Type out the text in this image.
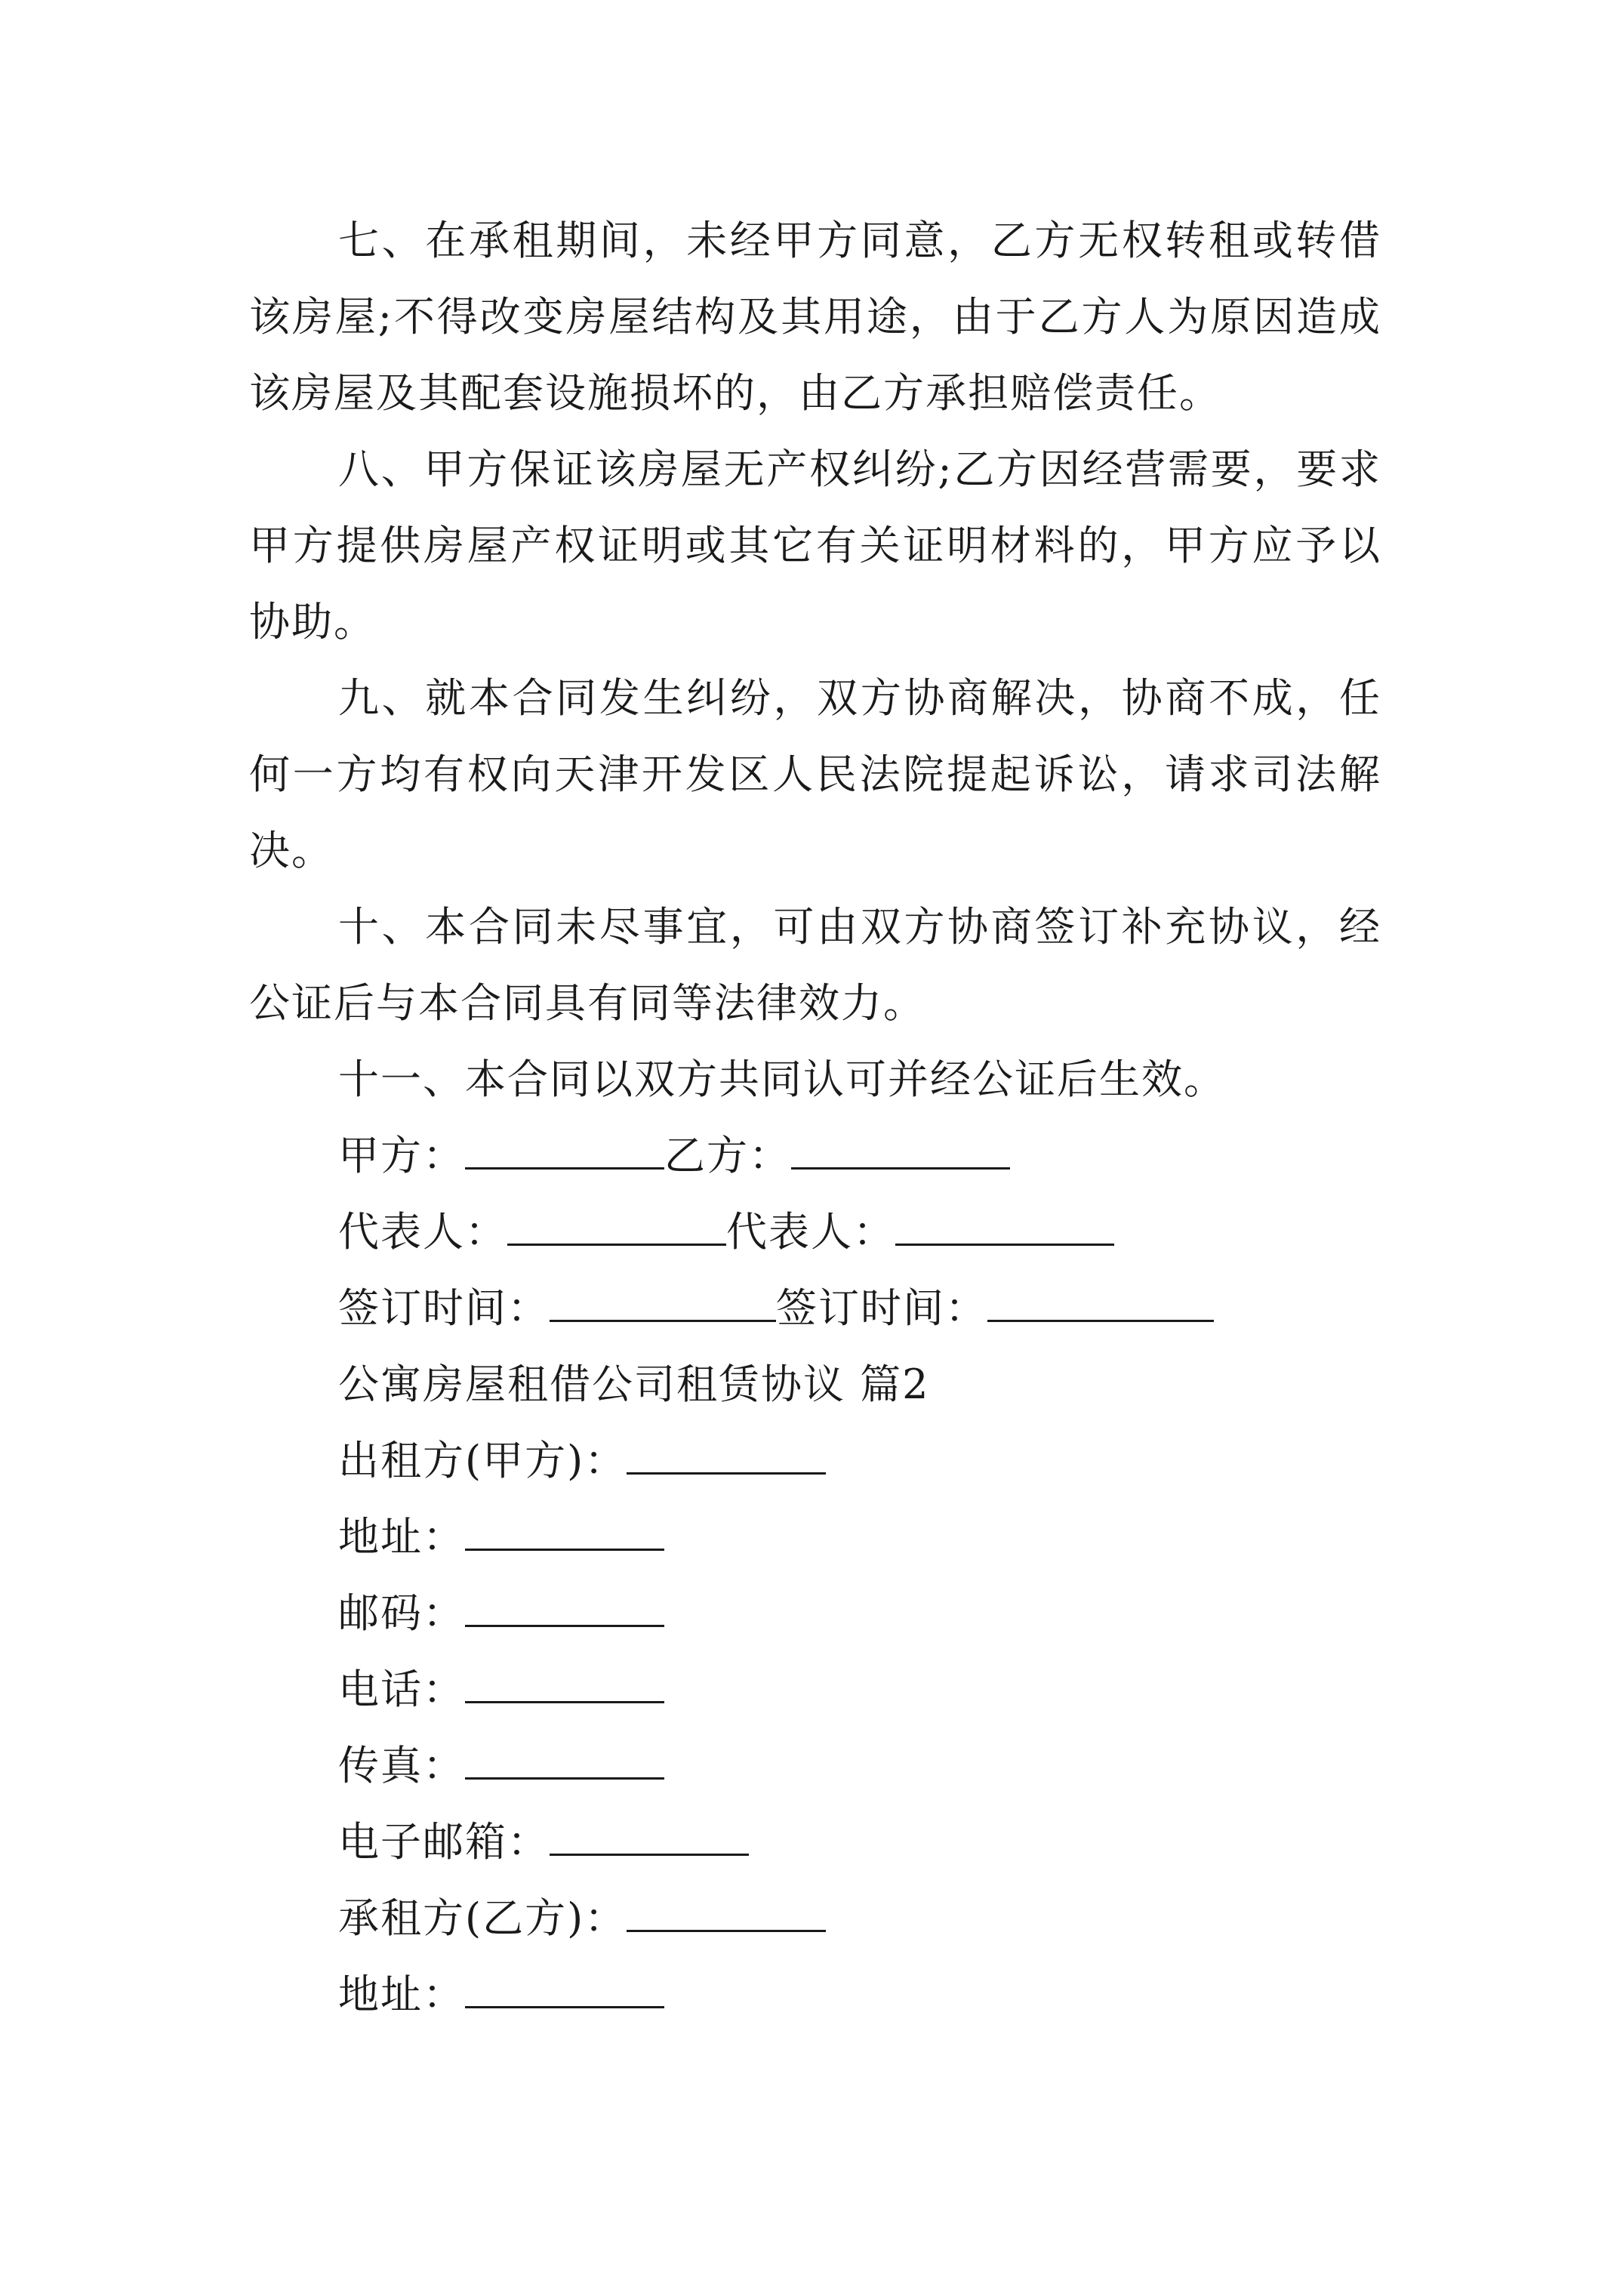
七、在承租期间，未经甲方同意，乙方无权转租或转借该房屋;不得改变房屋结构及其用途，由于乙方人为原因造成该房屋及其配套设施损坏的，由乙方承担赔偿责任。

八、甲方保证该房屋无产权纠纷;乙方因经营需要，要求甲方提供房屋产权证明或其它有关证明材料的，甲方应予以协助。

九、就本合同发生纠纷，双方协商解决，协商不成，任何一方均有权向天津开发区人民法院提起诉讼，请求司法解决。

十、本合同未尽事宜，可由双方协商签订补充协议，经公证后与本合同具有同等法律效力。

十一、本合同以双方共同认可并经公证后生效。

甲方：	乙方：

代表人：	代表人：

签订时间：	签订时间：

公寓房屋租借公司租赁协议 篇2

出租方(甲方)：

地址：

邮码：

电话：

传真：

电子邮箱：

承租方(乙方)：

地址：
